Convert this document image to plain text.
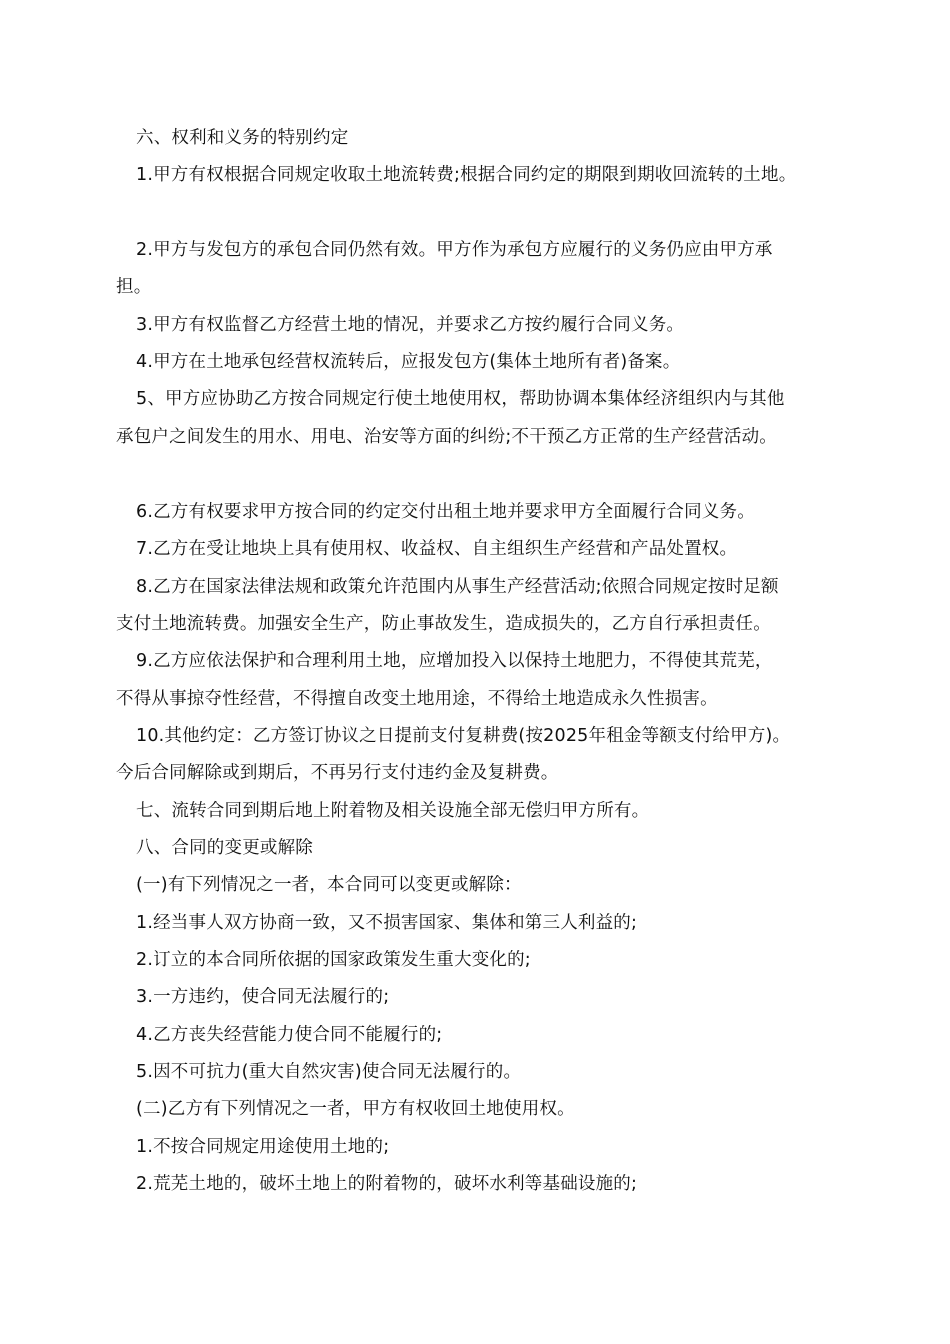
六、权利和义务的特别约定
1.甲方有权根据合同规定收取土地流转费;根据合同约定的期限到期收回流转的土地。
2.甲方与发包方的承包合同仍然有效。甲方作为承包方应履行的义务仍应由甲方承
担。
3.甲方有权监督乙方经营土地的情况，并要求乙方按约履行合同义务。
4.甲方在土地承包经营权流转后，应报发包方(集体土地所有者)备案。
5、甲方应协助乙方按合同规定行使土地使用权，帮助协调本集体经济组织内与其他
承包户之间发生的用水、用电、治安等方面的纠纷;不干预乙方正常的生产经营活动。
6.乙方有权要求甲方按合同的约定交付出租土地并要求甲方全面履行合同义务。
7.乙方在受让地块上具有使用权、收益权、自主组织生产经营和产品处置权。
8.乙方在国家法律法规和政策允许范围内从事生产经营活动;依照合同规定按时足额
支付土地流转费。加强安全生产，防止事故发生，造成损失的，乙方自行承担责任。
9.乙方应依法保护和合理利用土地，应增加投入以保持土地肥力，不得使其荒芜，
不得从事掠夺性经营，不得擅自改变土地用途，不得给土地造成永久性损害。
10.其他约定：乙方签订协议之日提前支付复耕费(按2025年租金等额支付给甲方)。
今后合同解除或到期后，不再另行支付违约金及复耕费。
七、流转合同到期后地上附着物及相关设施全部无偿归甲方所有。
八、合同的变更或解除
(一)有下列情况之一者，本合同可以变更或解除：
1.经当事人双方协商一致，又不损害国家、集体和第三人利益的;
2.订立的本合同所依据的国家政策发生重大变化的;
3.一方违约，使合同无法履行的;
4.乙方丧失经营能力使合同不能履行的;
5.因不可抗力(重大自然灾害)使合同无法履行的。
(二)乙方有下列情况之一者，甲方有权收回土地使用权。
1.不按合同规定用途使用土地的;
2.荒芜土地的，破坏土地上的附着物的，破坏水利等基础设施的;
